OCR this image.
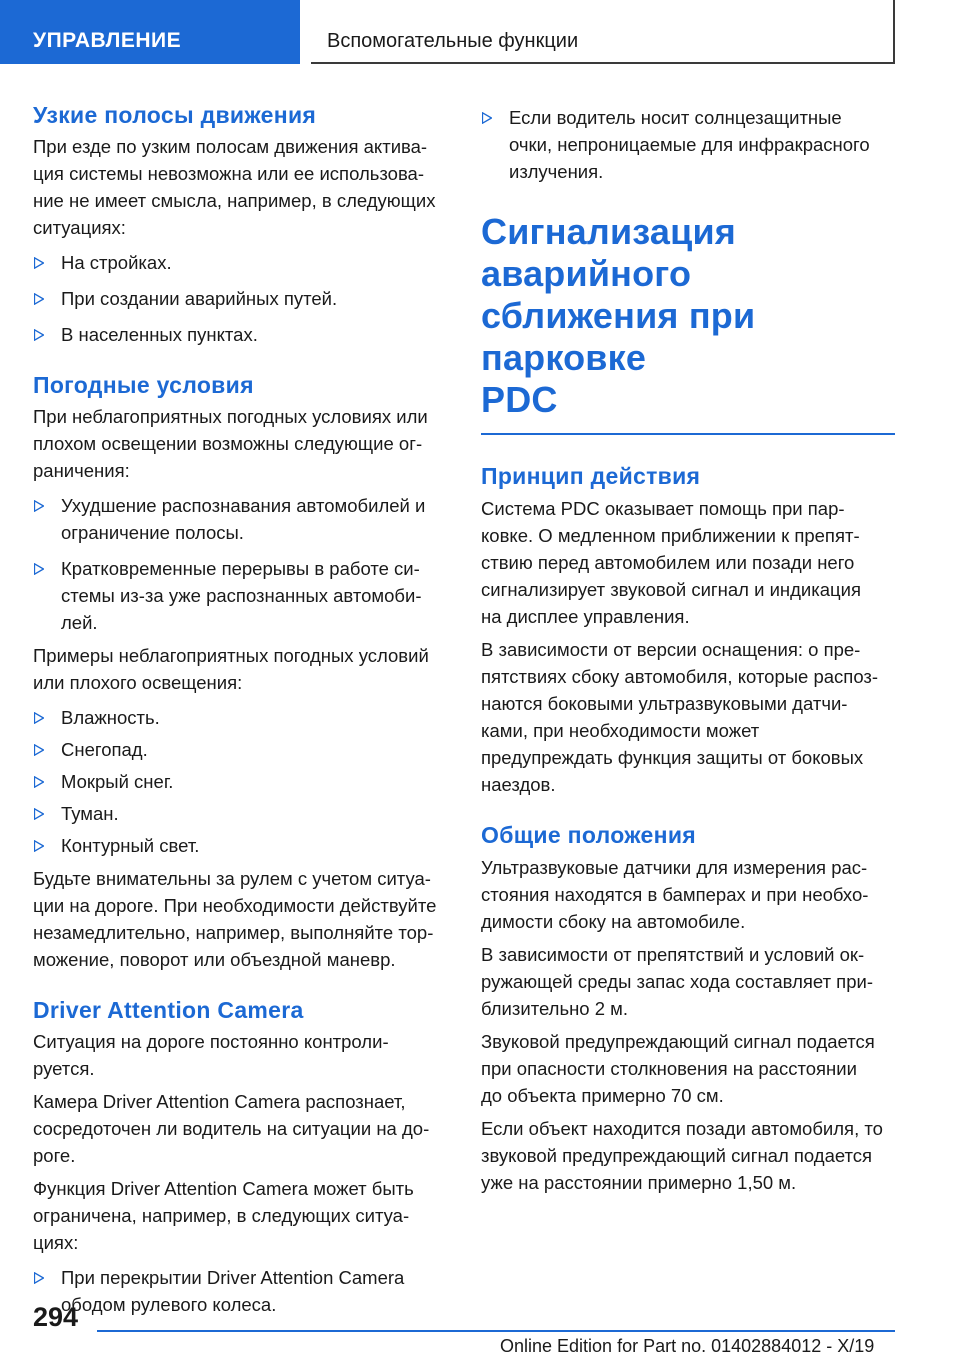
УПРАВЛЕНИЕ	Вспомогательные функции
Узкие полосы движения

При езде по узким полосам движения актива-
ция системы невозможна или ее использова-
ние не имеет смысла, например, в следующих
ситуациях:

На стройках.
При создании аварийных путей.
В населенных пунктах.
Погодные условия

При неблагоприятных погодных условиях или
плохом освещении возможны следующие ог-
раничения:

Ухудшение распознавания автомобилей и
ограничение полосы.
Кратковременные перерывы в работе си-
стемы из-за уже распознанных автомоби-
лей.

Примеры неблагоприятных погодных условий
или плохого освещения:

Влажность.
Снегопад.
Мокрый снег.
Туман.
Контурный свет.

Будьте внимательны за рулем с учетом ситуа-
ции на дороге. При необходимости действуйте
незамедлительно, например, выполняйте тор-
можение, поворот или объездной маневр.

Driver Attention Camera

Ситуация на дороге постоянно контроли-
руется.

Камера Driver Attention Camera распознает,
сосредоточен ли водитель на ситуации на до-
роге.

Функция Driver Attention Camera может быть
ограничена, например, в следующих ситуа-
циях:

При перекрытии Driver Attention Camera
ободом рулевого колеса.
Если водитель носит солнцезащитные
очки, непроницаемые для инфракрасного
излучения.
Сигнализация аварийного
сближения при парковке
PDC
Принцип действия

Система PDC оказывает помощь при пар-
ковке. О медленном приближении к препят-
ствию перед автомобилем или позади него
сигнализирует звуковой сигнал и индикация
на дисплее управления.

В зависимости от версии оснащения: о пре-
пятствиях сбоку автомобиля, которые распоз-
наются боковыми ультразвуковыми датчи-
ками, при необходимости может
предупреждать функция защиты от боковых
наездов.

Общие положения

Ультразвуковые датчики для измерения рас-
стояния находятся в бамперах и при необхо-
димости сбоку на автомобиле.

В зависимости от препятствий и условий ок-
ружающей среды запас хода составляет при-
близительно 2 м.

Звуковой предупреждающий сигнал подается
при опасности столкновения на расстоянии
до объекта примерно 70 см.

Если объект находится позади автомобиля, то
звуковой предупреждающий сигнал подается
уже на расстоянии примерно 1,50 м.

294
Online Edition for Part no. 01402884012 - X/19
